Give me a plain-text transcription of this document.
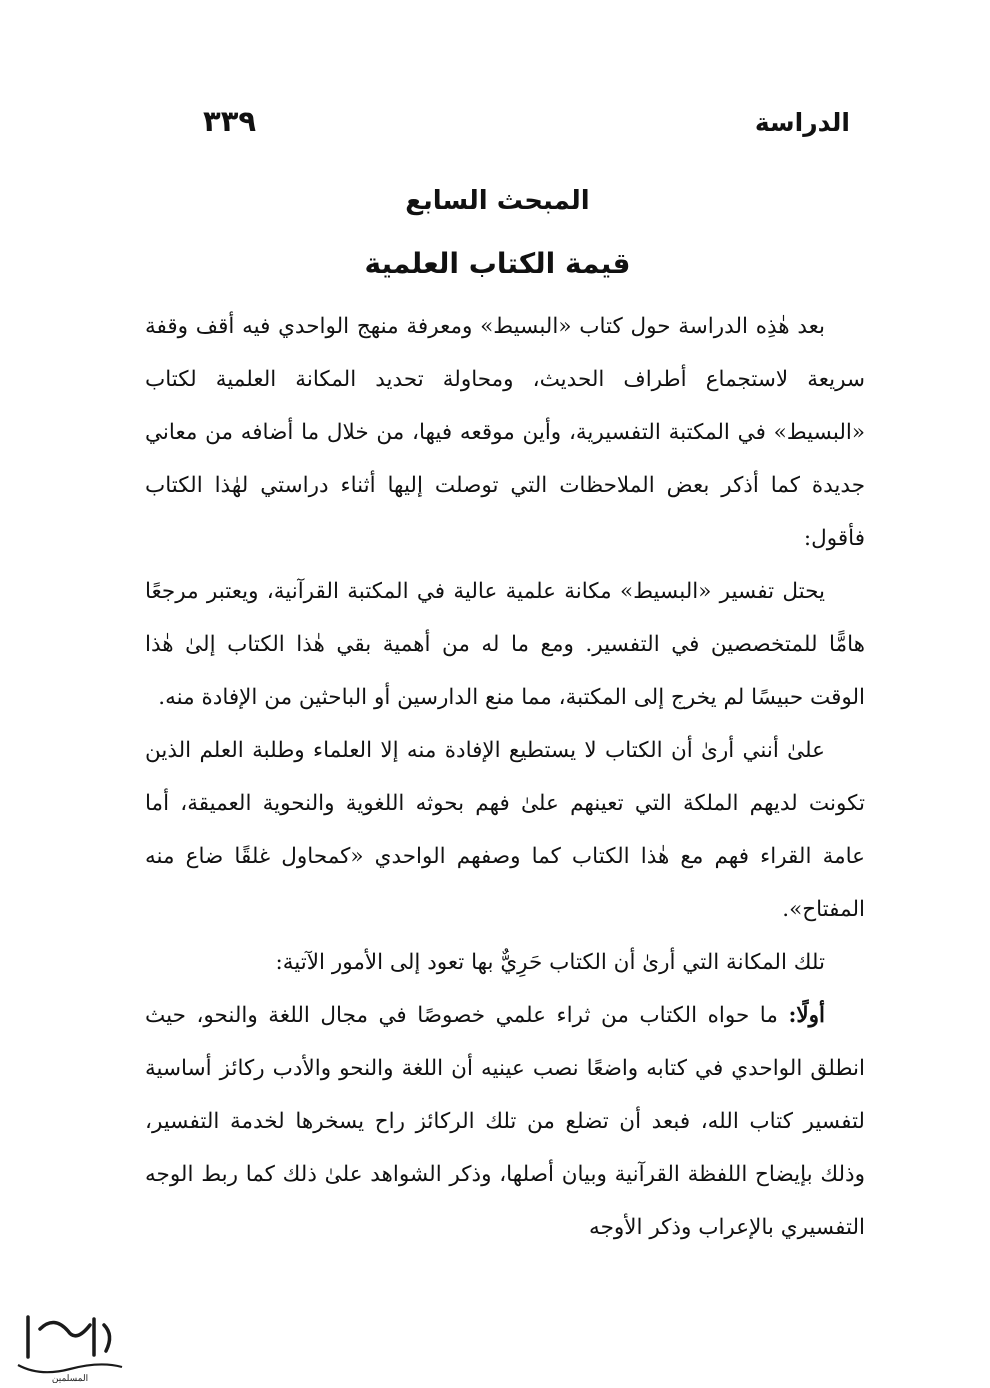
الدراسة
٣٣٩
المبحث السابع
قيمة الكتاب العلمية

بعد هٰذِه الدراسة حول كتاب «البسيط» ومعرفة منهج الواحدي فيه أقف وقفة سريعة لاستجماع أطراف الحديث، ومحاولة تحديد المكانة العلمية لكتاب «البسيط» في المكتبة التفسيرية، وأين موقعه فيها، من خلال ما أضافه من معاني جديدة كما أذكر بعض الملاحظات التي توصلت إليها أثناء دراستي لهٰذا الكتاب فأقول:

يحتل تفسير «البسيط» مكانة علمية عالية في المكتبة القرآنية، ويعتبر مرجعًا هامًّا للمتخصصين في التفسير. ومع ما له من أهمية بقي هٰذا الكتاب إلىٰ هٰذا الوقت حبيسًا لم يخرج إلى المكتبة، مما منع الدارسين أو الباحثين من الإفادة منه.

علىٰ أنني أرىٰ أن الكتاب لا يستطيع الإفادة منه إلا العلماء وطلبة العلم الذين تكونت لديهم الملكة التي تعينهم علىٰ فهم بحوثه اللغوية والنحوية العميقة، أما عامة القراء فهم مع هٰذا الكتاب كما وصفهم الواحدي «كمحاول غلقًا ضاع منه المفتاح».

تلك المكانة التي أرىٰ أن الكتاب حَرِيٌّ بها تعود إلى الأمور الآتية:

أولًا: ما حواه الكتاب من ثراء علمي خصوصًا في مجال اللغة والنحو، حيث انطلق الواحدي في كتابه واضعًا نصب عينيه أن اللغة والنحو والأدب ركائز أساسية لتفسير كتاب الله، فبعد أن تضلع من تلك الركائز راح يسخرها لخدمة التفسير، وذلك بإيضاح اللفظة القرآنية وبيان أصلها، وذكر الشواهد علىٰ ذلك كما ربط الوجه التفسيري بالإعراب وذكر الأوجه

المسلمين
